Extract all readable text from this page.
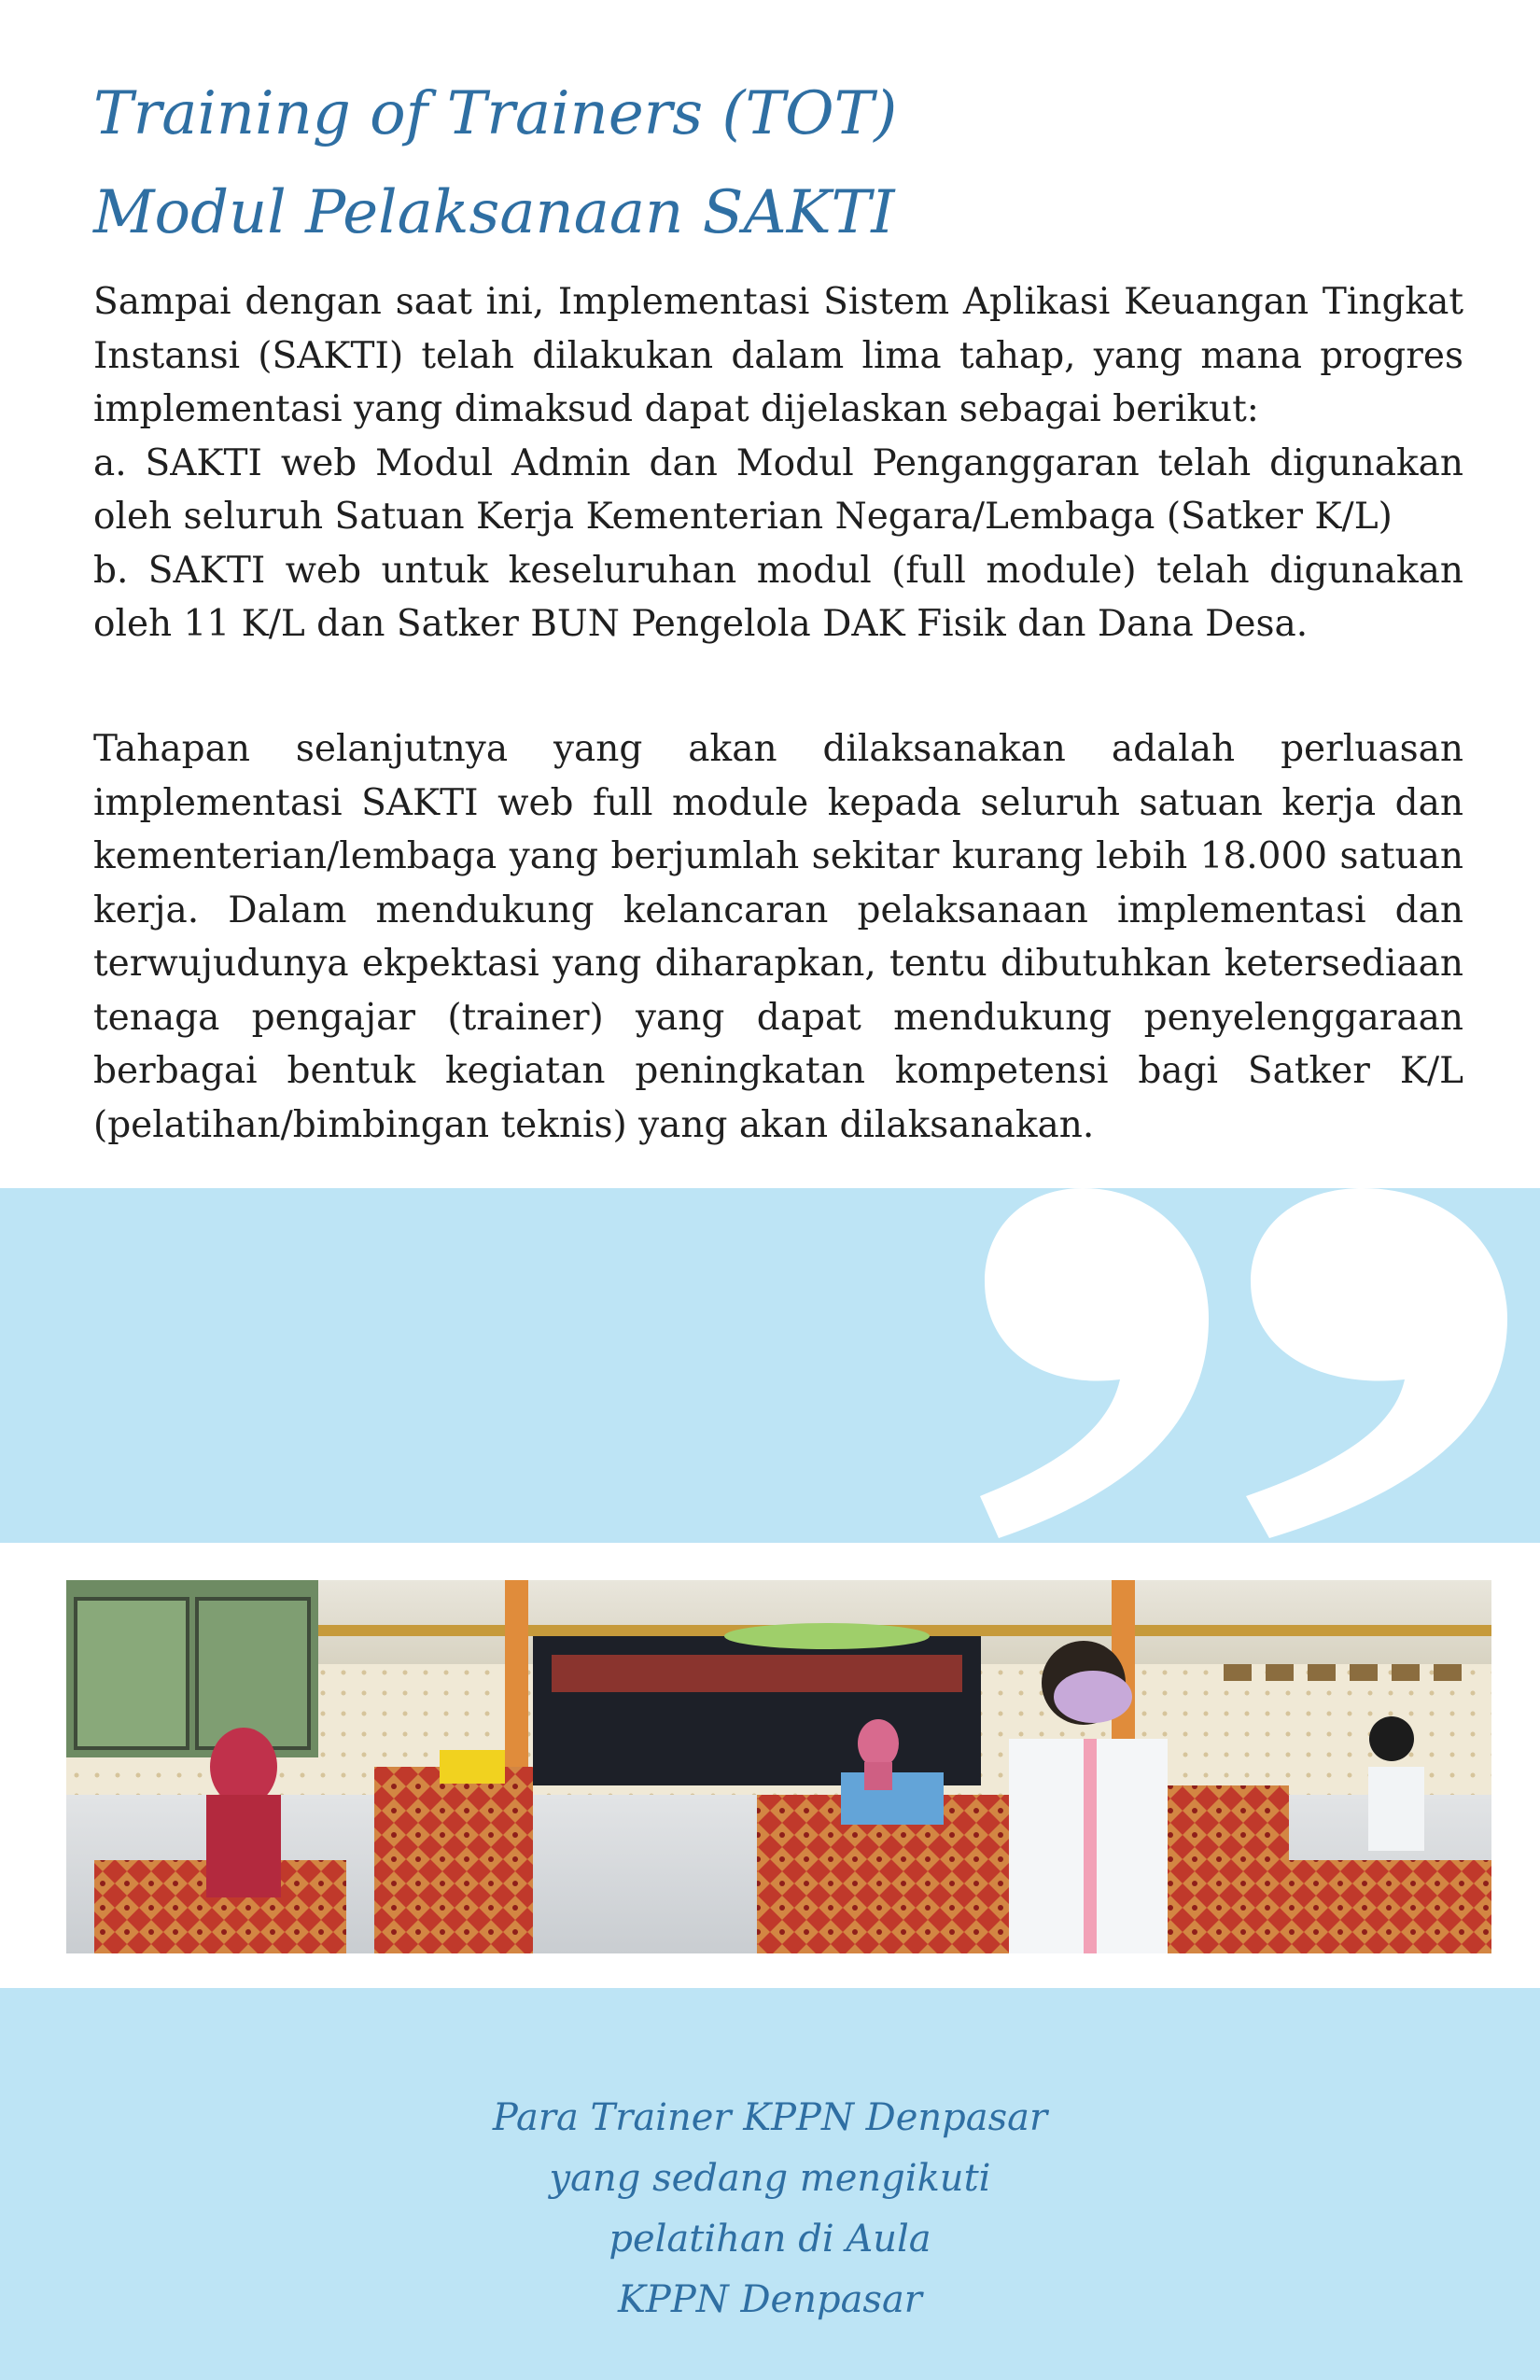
Training of Trainers (TOT)
Modul Pelaksanaan SAKTI

Sampai dengan saat ini, Implementasi Sistem Aplikasi Keuangan Tingkat Instansi (SAKTI) telah dilakukan dalam lima tahap, yang mana progres implementasi yang dimaksud dapat dijelaskan sebagai berikut:

a. SAKTI web Modul Admin dan Modul Penganggaran telah digunakan oleh seluruh Satuan Kerja Kementerian Negara/Lembaga (Satker K/L)

b. SAKTI web untuk keseluruhan modul (full module) telah digunakan oleh 11 K/L dan Satker BUN Pengelola DAK Fisik dan Dana Desa.

Tahapan selanjutnya yang akan dilaksanakan adalah perluasan implementasi SAKTI web full module kepada seluruh satuan kerja dan kementerian/lembaga yang berjumlah sekitar kurang lebih 18.000 satuan kerja. Dalam mendukung kelancaran pelaksanaan implementasi dan terwujudunya ekpektasi yang diharapkan, tentu dibutuhkan ketersediaan tenaga pengajar (trainer) yang dapat mendukung penyelenggaraan berbagai bentuk kegiatan peningkatan kompetensi bagi Satker K/L (pelatihan/bimbingan teknis) yang akan dilaksanakan.

Para Trainer KPPN Denpasar
yang sedang mengikuti
pelatihan di Aula
KPPN Denpasar
